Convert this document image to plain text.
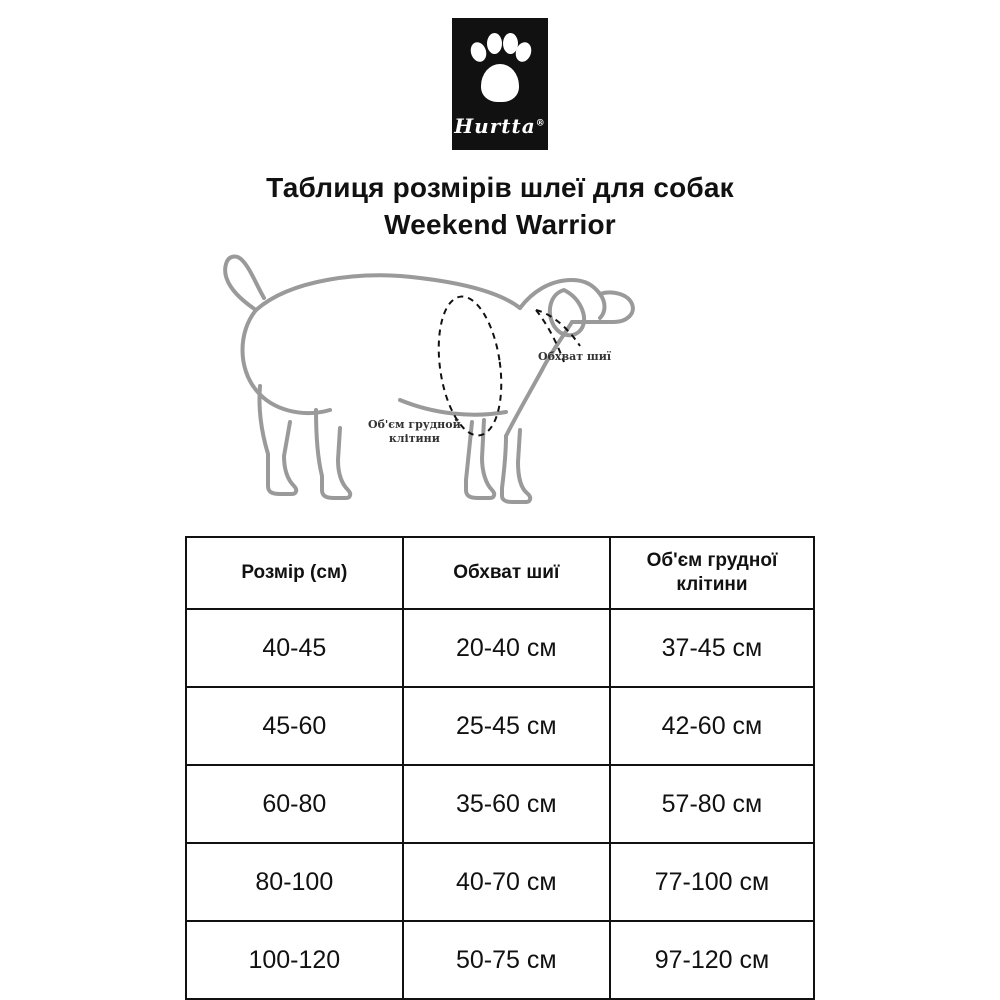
Hurtta®
Таблиця розмірів шлеї для собак
Weekend Warrior
Обхват шиї
Об'єм грудной
клітини
Розмір (см)	Обхват шиї	Об'єм грудної клітини
40-45	20-40 см	37-45 см
45-60	25-45 см	42-60 см
60-80	35-60 см	57-80 см
80-100	40-70 см	77-100 см
100-120	50-75 см	97-120 см
